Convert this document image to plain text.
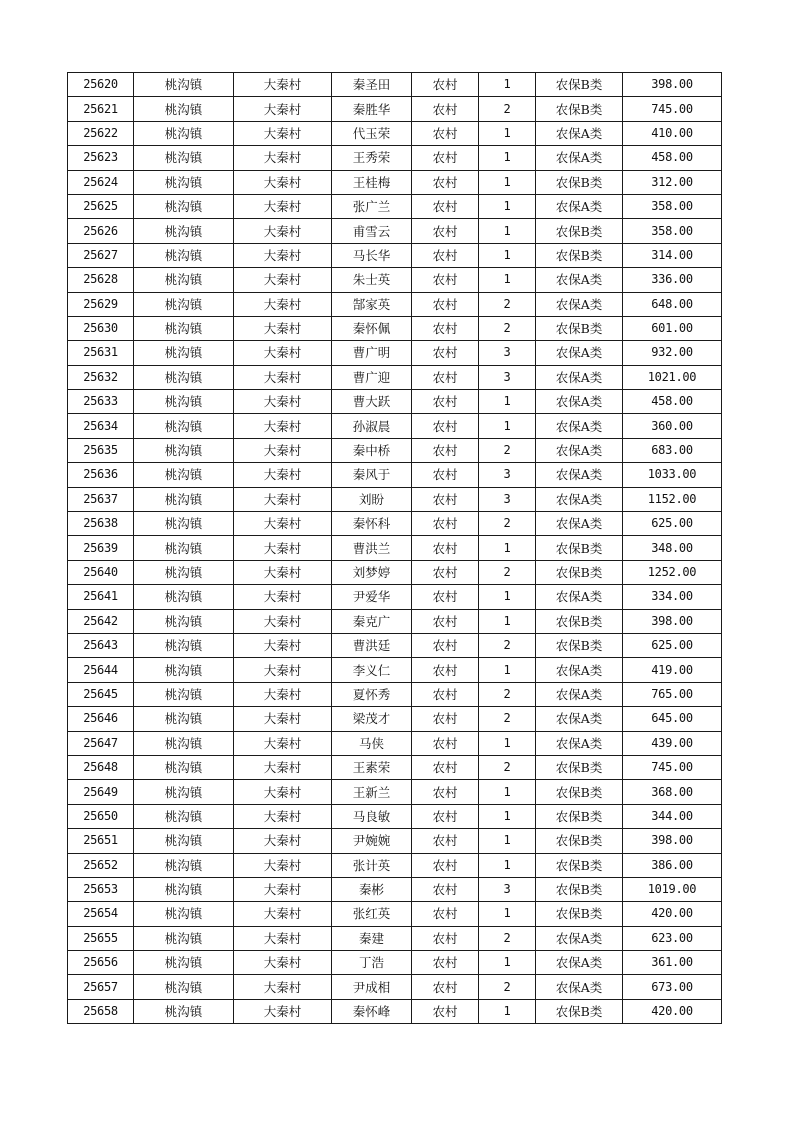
25620	桃沟镇	大秦村	秦圣田	农村	1	农保B类	398.00
25621	桃沟镇	大秦村	秦胜华	农村	2	农保B类	745.00
25622	桃沟镇	大秦村	代玉荣	农村	1	农保A类	410.00
25623	桃沟镇	大秦村	王秀荣	农村	1	农保A类	458.00
25624	桃沟镇	大秦村	王桂梅	农村	1	农保B类	312.00
25625	桃沟镇	大秦村	张广兰	农村	1	农保A类	358.00
25626	桃沟镇	大秦村	甫雪云	农村	1	农保B类	358.00
25627	桃沟镇	大秦村	马长华	农村	1	农保B类	314.00
25628	桃沟镇	大秦村	朱士英	农村	1	农保A类	336.00
25629	桃沟镇	大秦村	郜家英	农村	2	农保A类	648.00
25630	桃沟镇	大秦村	秦怀佩	农村	2	农保B类	601.00
25631	桃沟镇	大秦村	曹广明	农村	3	农保A类	932.00
25632	桃沟镇	大秦村	曹广迎	农村	3	农保A类	1021.00
25633	桃沟镇	大秦村	曹大跃	农村	1	农保A类	458.00
25634	桃沟镇	大秦村	孙淑晨	农村	1	农保A类	360.00
25635	桃沟镇	大秦村	秦中桥	农村	2	农保A类	683.00
25636	桃沟镇	大秦村	秦风于	农村	3	农保A类	1033.00
25637	桃沟镇	大秦村	刘盼	农村	3	农保A类	1152.00
25638	桃沟镇	大秦村	秦怀科	农村	2	农保A类	625.00
25639	桃沟镇	大秦村	曹洪兰	农村	1	农保B类	348.00
25640	桃沟镇	大秦村	刘梦婷	农村	2	农保B类	1252.00
25641	桃沟镇	大秦村	尹爱华	农村	1	农保A类	334.00
25642	桃沟镇	大秦村	秦克广	农村	1	农保B类	398.00
25643	桃沟镇	大秦村	曹洪廷	农村	2	农保B类	625.00
25644	桃沟镇	大秦村	李义仁	农村	1	农保A类	419.00
25645	桃沟镇	大秦村	夏怀秀	农村	2	农保A类	765.00
25646	桃沟镇	大秦村	梁茂才	农村	2	农保A类	645.00
25647	桃沟镇	大秦村	马侠	农村	1	农保A类	439.00
25648	桃沟镇	大秦村	王素荣	农村	2	农保B类	745.00
25649	桃沟镇	大秦村	王新兰	农村	1	农保B类	368.00
25650	桃沟镇	大秦村	马良敏	农村	1	农保B类	344.00
25651	桃沟镇	大秦村	尹婉婉	农村	1	农保B类	398.00
25652	桃沟镇	大秦村	张计英	农村	1	农保B类	386.00
25653	桃沟镇	大秦村	秦彬	农村	3	农保B类	1019.00
25654	桃沟镇	大秦村	张红英	农村	1	农保B类	420.00
25655	桃沟镇	大秦村	秦建	农村	2	农保A类	623.00
25656	桃沟镇	大秦村	丁浩	农村	1	农保A类	361.00
25657	桃沟镇	大秦村	尹成相	农村	2	农保A类	673.00
25658	桃沟镇	大秦村	秦怀峰	农村	1	农保B类	420.00
